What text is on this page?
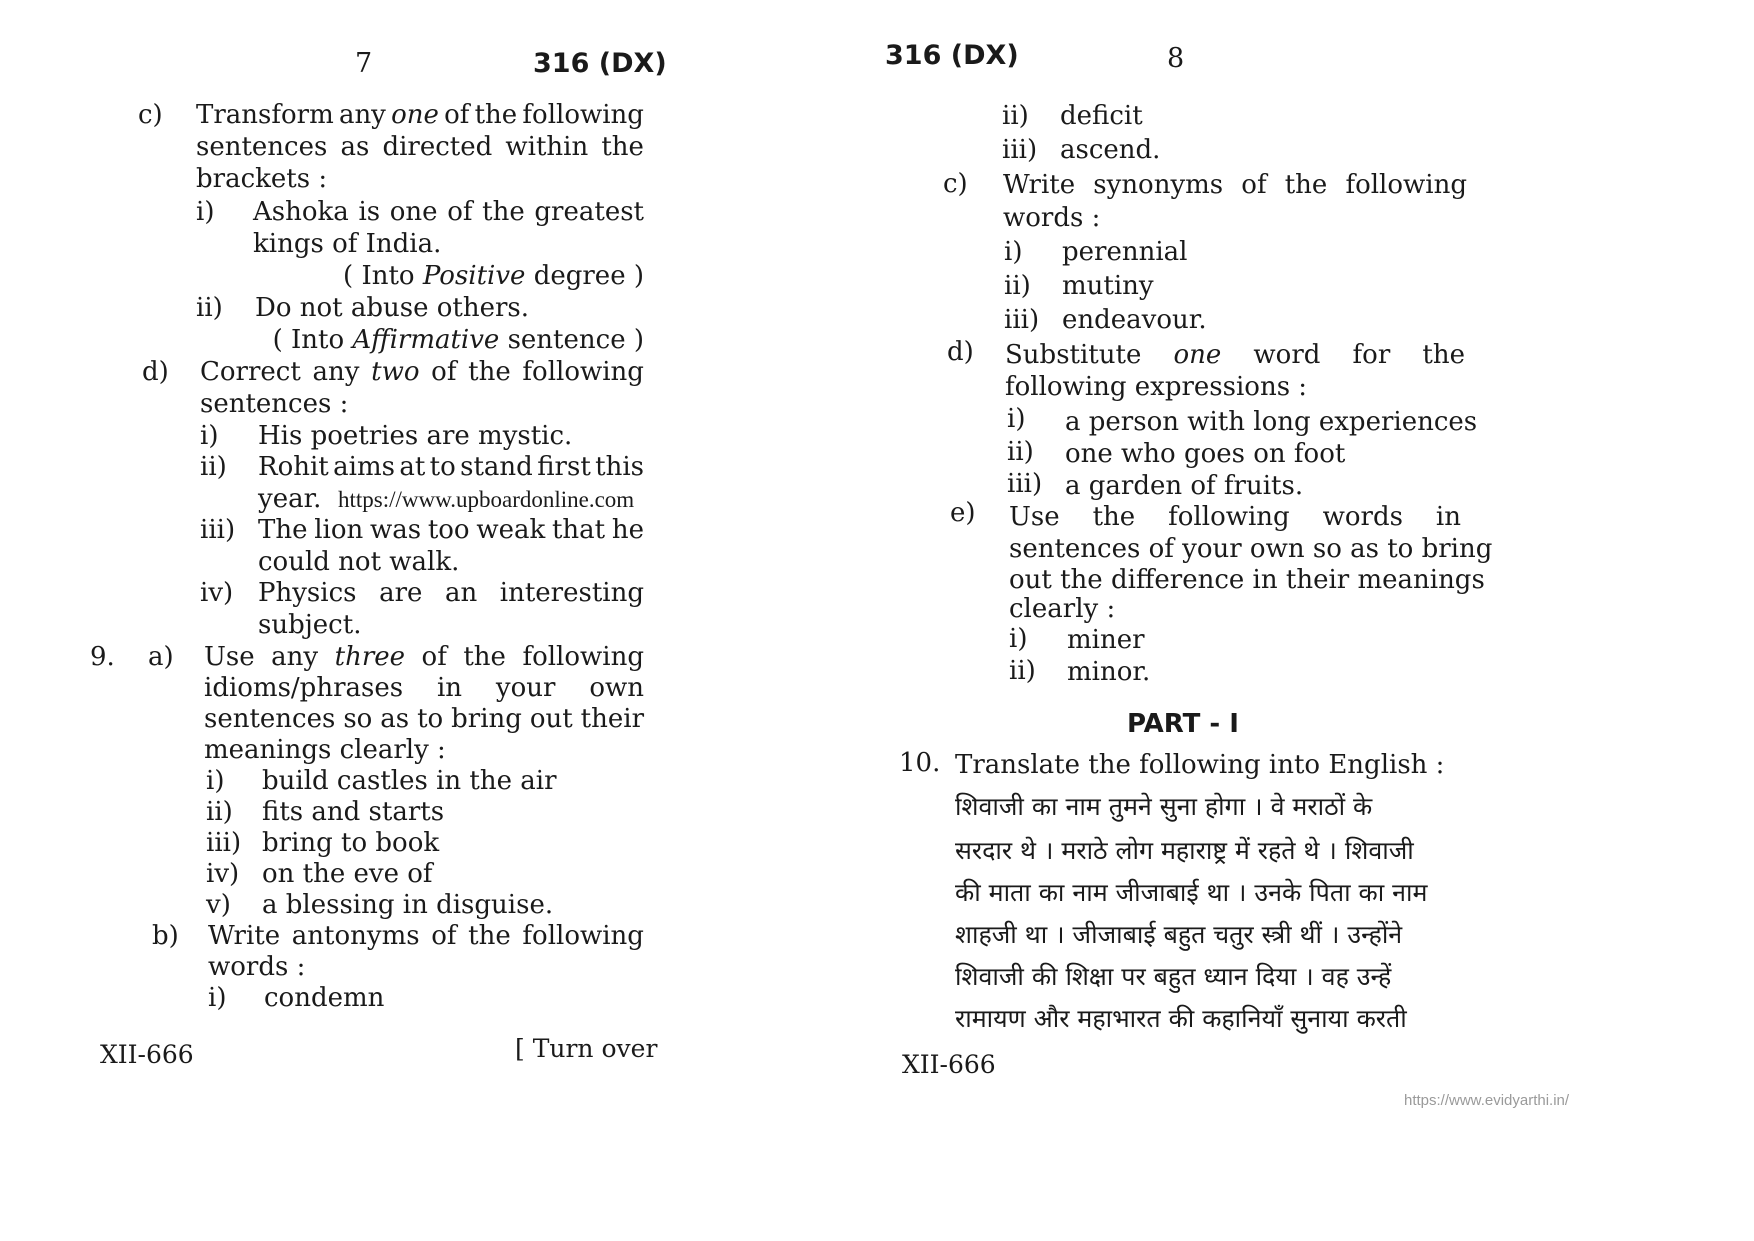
7	316 (DX)
c) Transform any one of the following
sentences as directed within the
brackets :
i) Ashoka is one of the greatest
kings of India.
( Into Positive degree )
ii) Do not abuse others.
( Into Affirmative sentence )
d) Correct any two of the following
sentences :
i) His poetries are mystic.
ii) Rohit aims at to stand first this
year. https://www.upboardonline.com
iii) The lion was too weak that he
could not walk.
iv) Physics are an interesting
subject.
9. a) Use any three of the following
idioms/phrases in your own
sentences so as to bring out their
meanings clearly :
i) build castles in the air
ii) fits and starts
iii) bring to book
iv) on the eve of
v) a blessing in disguise.
b) Write antonyms of the following
words :
i) condemn
XII-666	[ Turn over
316 (DX)	8
ii) deficit
iii) ascend.
c) Write synonyms of the following
words :
i) perennial
ii) mutiny
iii) endeavour.
d) Substitute one word for the
following expressions :
i) a person with long experiences
ii) one who goes on foot
iii) a garden of fruits.
e) Use the following words in
sentences of your own so as to bring
out the difference in their meanings
clearly :
i) miner
ii) minor.
PART - I
10. Translate the following into English :
शिवाजी का नाम तुमने सुना होगा । वे मराठों के
सरदार थे । मराठे लोग महाराष्ट्र में रहते थे । शिवाजी
की माता का नाम जीजाबाई था । उनके पिता का नाम
शाहजी था । जीजाबाई बहुत चतुर स्त्री थीं । उन्होंने
शिवाजी की शिक्षा पर बहुत ध्यान दिया । वह उन्हें
रामायण और महाभारत की कहानियाँ सुनाया करती
XII-666
https://www.evidyarthi.in/
